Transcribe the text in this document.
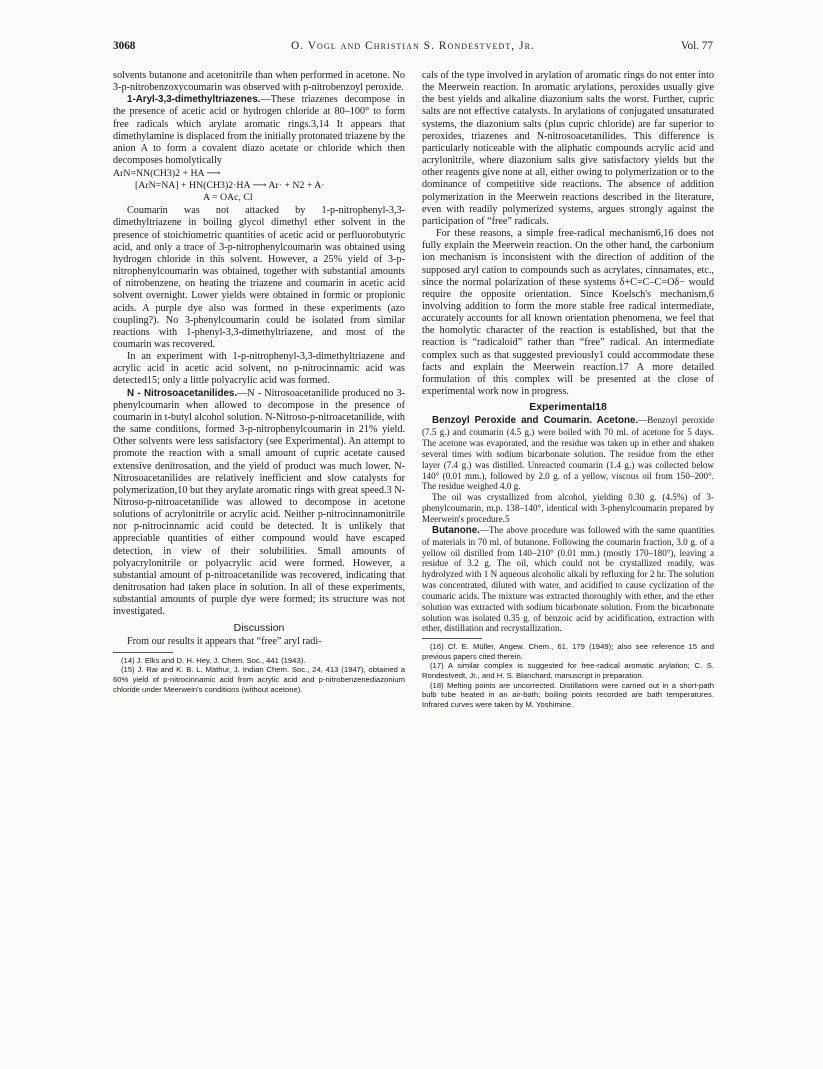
3068	O. Vogl and Christian S. Rondestvedt, Jr.	Vol. 77

solvents butanone and acetonitrile than when performed in acetone. No 3-p-nitrobenzoxycoumarin was observed with p-nitrobenzoyl peroxide.

1-Aryl-3,3-dimethyltriazenes.—These triazenes decompose in the presence of acetic acid or hydrogen chloride at 80–100° to form free radicals which arylate aromatic rings.3,14 It appears that dimethylamine is displaced from the initially protonated triazene by the anion A to form a covalent diazo acetate or chloride which then decomposes homolytically

ArN=NN(CH3)2 + HA ⟶
[ArN=NA] + HN(CH3)2·HA ⟶ Ar· + N2 + A·
A = OAc, Cl

Coumarin was not attacked by 1-p-nitrophenyl-3,3-dimethyltriazene in boiling glycol dimethyl ether solvent in the presence of stoichiometric quantities of acetic acid or perfluorobutyric acid, and only a trace of 3-p-nitrophenylcoumarin was obtained using hydrogen chloride in this solvent. However, a 25% yield of 3-p-nitrophenylcoumarin was obtained, together with substantial amounts of nitrobenzene, on heating the triazene and coumarin in acetic acid solvent overnight. Lower yields were obtained in formic or propionic acids. A purple dye also was formed in these experiments (azo coupling?). No 3-phenylcoumarin could be isolated from similar reactions with 1-phenyl-3,3-dimethyltriazene, and most of the coumarin was recovered.

In an experiment with 1-p-nitrophenyl-3,3-dimethyltriazene and acrylic acid in acetic acid solvent, no p-nitrocinnamic acid was detected15; only a little polyacrylic acid was formed.

N - Nitrosoacetanilides.—N - Nitrosoacetanilide produced no 3-phenylcoumarin when allowed to decompose in the presence of coumarin in t-butyl alcohol solution. N-Nitroso-p-nitroacetanilide, with the same conditions, formed 3-p-nitrophenylcoumarin in 21% yield. Other solvents were less satisfactory (see Experimental). An attempt to promote the reaction with a small amount of cupric acetate caused extensive denitrosation, and the yield of product was much lower. N-Nitrosoacetanilides are relatively inefficient and slow catalysts for polymerization,10 but they arylate aromatic rings with great speed.3 N-Nitroso-p-nitroacetanilide was allowed to decompose in acetone solutions of acrylonitrile or acrylic acid. Neither p-nitrocinnamonitrile nor p-nitrocinnamic acid could be detected. It is unlikely that appreciable quantities of either compound would have escaped detection, in view of their solubilities. Small amounts of polyacrylonitrile or polyacrylic acid were formed. However, a substantial amount of p-nitroacetanilide was recovered, indicating that denitrosation had taken place in solution. In all of these experiments, substantial amounts of purple dye were formed; its structure was not investigated.

Discussion

From our results it appears that “free” aryl radi-

(14) J. Elks and D. H. Hey, J. Chem. Soc., 441 (1943).

(15) J. Rai and K. B. L. Mathur, J. Indian Chem. Soc., 24, 413 (1947), obtained a 60% yield of p-nitrocinnamic acid from acrylic acid and p-nitrobenzenediazonium chloride under Meerwein's conditions (without acetone).

cals of the type involved in arylation of aromatic rings do not enter into the Meerwein reaction. In aromatic arylations, peroxides usually give the best yields and alkaline diazonium salts the worst. Further, cupric salts are not effective catalysts. In arylations of conjugated unsaturated systems, the diazonium salts (plus cupric chloride) are far superior to peroxides, triazenes and N-nitrosoacetanilides. This difference is particularly noticeable with the aliphatic compounds acrylic acid and acrylonitrile, where diazonium salts give satisfactory yields but the other reagents give none at all, either owing to polymerization or to the dominance of competitive side reactions. The absence of addition polymerization in the Meerwein reactions described in the literature, even with readily polymerized systems, argues strongly against the participation of “free” radicals.

For these reasons, a simple free-radical mechanism6,16 does not fully explain the Meerwein reaction. On the other hand, the carbonium ion mechanism is inconsistent with the direction of addition of the supposed aryl cation to compounds such as acrylates, cinnamates, etc., since the normal polarization of these systems δ+C=C–C=Oδ− would require the opposite orientation. Since Koelsch's mechanism,6 involving addition to form the more stable free radical intermediate, accurately accounts for all known orientation phenomena, we feel that the homolytic character of the reaction is established, but that the reaction is “radicaloid” rather than “free” radical. An intermediate complex such as that suggested previously1 could accommodate these facts and explain the Meerwein reaction.17 A more detailed formulation of this complex will be presented at the close of experimental work now in progress.

Experimental18

Benzoyl Peroxide and Coumarin. Acetone.—Benzoyl peroxide (7.5 g.) and coumarin (4.5 g.) were boiled with 70 ml. of acetone for 5 days. The acetone was evaporated, and the residue was taken up in ether and shaken several times with sodium bicarbonate solution. The residue from the ether layer (7.4 g.) was distilled. Unreacted coumarin (1.4 g.) was collected below 140° (0.01 mm.), followed by 2.0 g. of a yellow, viscous oil from 150–200°. The residue weighed 4.0 g.

The oil was crystallized from alcohol, yielding 0.30 g. (4.5%) of 3-phenylcoumarin, m.p. 138–140°, identical with 3-phenylcoumarin prepared by Meerwein's procedure.5

Butanone.—The above procedure was followed with the same quantities of materials in 70 ml. of butanone. Following the coumarin fraction, 3.0 g. of a yellow oil distilled from 140–210° (0.01 mm.) (mostly 170–180°), leaving a residue of 3.2 g. The oil, which could not be crystallized readily, was hydrolyzed with 1 N aqueous alcoholic alkali by refluxing for 2 hr. The solution was concentrated, diluted with water, and acidified to cause cyclization of the coumaric acids. The mixture was extracted thoroughly with ether, and the ether solution was extracted with sodium bicarbonate solution. From the bicarbonate solution was isolated 0.35 g. of benzoic acid by acidification, extraction with ether, distillation and recrystallization.

(16) Cf. E. Müller, Angew. Chem., 61, 179 (1949); also see reference 15 and previous papers cited therein.

(17) A similar complex is suggested for free-radical aromatic arylation; C. S. Rondestvedt, Jr., and H. S. Blanchard, manuscript in preparation.

(18) Melting points are uncorrected. Distillations were carried out in a short-path bulb tube heated in an air-bath; boiling points recorded are bath temperatures. Infrared curves were taken by M. Yoshimine.
